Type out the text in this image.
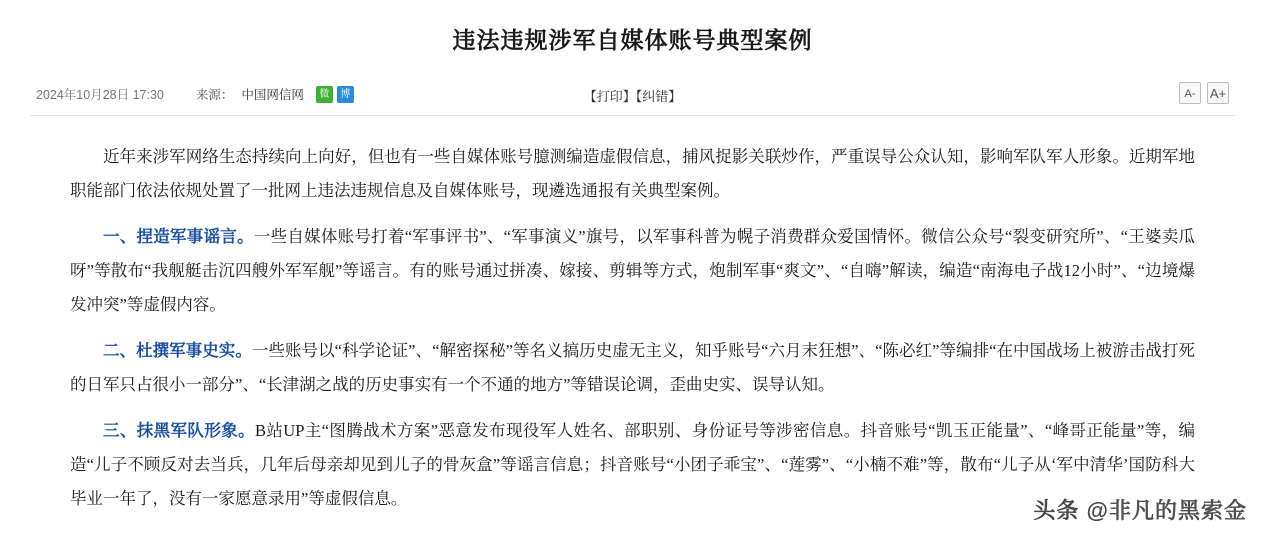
违法违规涉军自媒体账号典型案例
2024年10月28日 17:30	来源： 中国网信网	微	博	【打印】【纠错】	A-	A+

近年来涉军网络生态持续向上向好，但也有一些自媒体账号臆测编造虚假信息，捕风捉影关联炒作，严重误导公众认知，影响军队军人形象。近期军地职能部门依法依规处置了一批网上违法违规信息及自媒体账号，现遴选通报有关典型案例。

一、捏造军事谣言。一些自媒体账号打着“军事评书”、“军事演义”旗号，以军事科普为幌子消费群众爱国情怀。微信公众号“裂变研究所”、“王婆卖瓜呀”等散布“我舰艇击沉四艘外军军舰”等谣言。有的账号通过拼凑、嫁接、剪辑等方式，炮制军事“爽文”、“自嗨”解读，编造“南海电子战12小时”、“边境爆发冲突”等虚假内容。

二、杜撰军事史实。一些账号以“科学论证”、“解密探秘”等名义搞历史虚无主义，知乎账号“六月末狂想”、“陈必红”等编排“在中国战场上被游击战打死的日军只占很小一部分”、“长津湖之战的历史事实有一个不通的地方”等错误论调，歪曲史实、误导认知。

三、抹黑军队形象。B站UP主“图腾战术方案”恶意发布现役军人姓名、部职别、身份证号等涉密信息。抖音账号“凯玉正能量”、“峰哥正能量”等，编造“儿子不顾反对去当兵，几年后母亲却见到儿子的骨灰盒”等谣言信息；抖音账号“小团子乖宝”、“莲雾”、“小楠不难”等，散布“儿子从‘军中清华’国防科大毕业一年了，没有一家愿意录用”等虚假信息。	头条 @非凡的黑索金
